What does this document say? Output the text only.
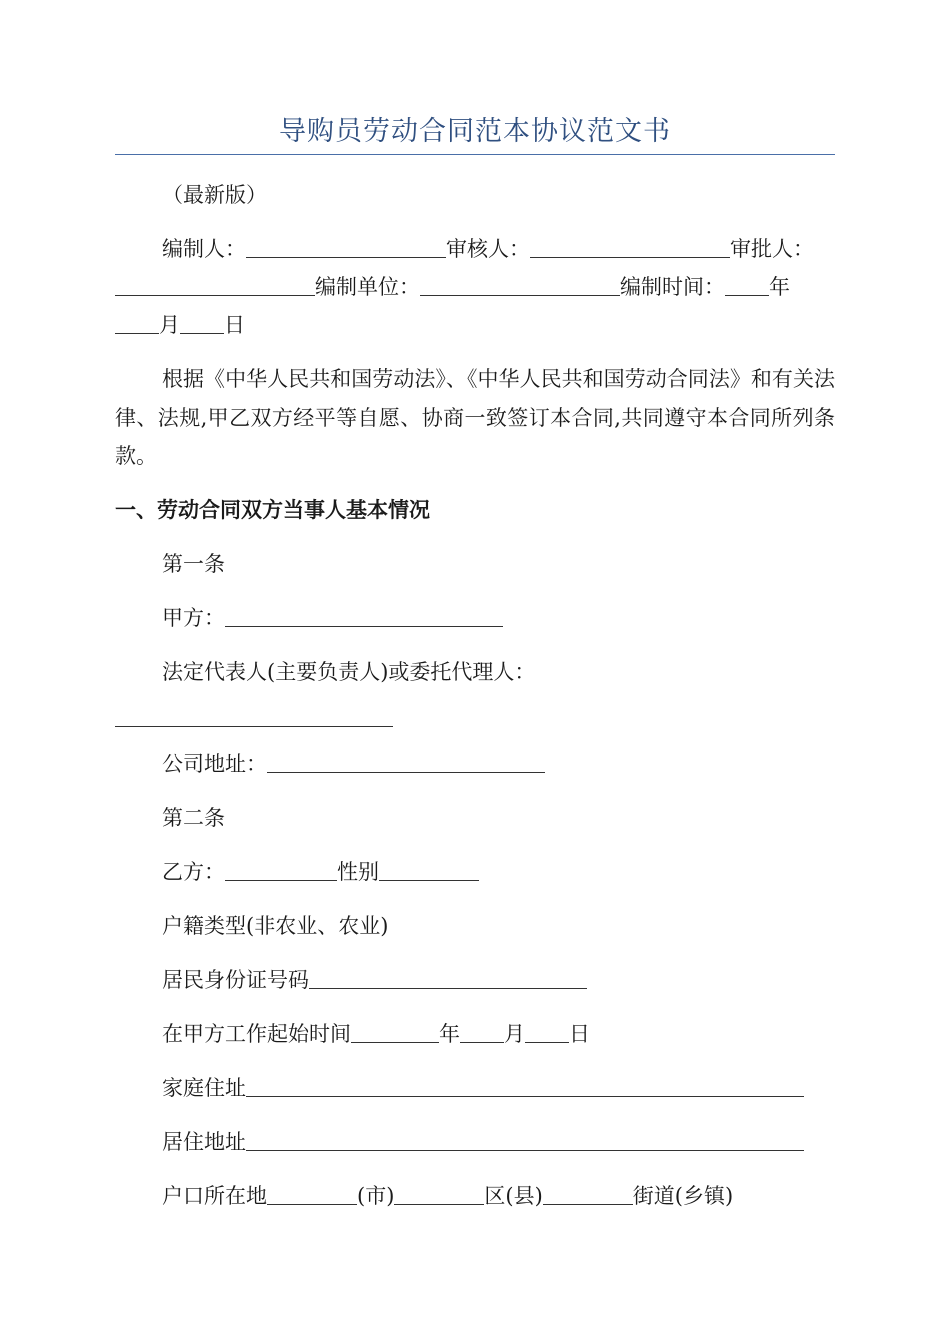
导购员劳动合同范本协议范文书
（最新版）
编制人：	审核人：	审批人：
编制单位：	编制时间： 年
月 日
根据《中华人民共和国劳动法》、《中华人民共和国劳动合同法》和有关法律、法规,甲乙双方经平等自愿、协商一致签订本合同,共同遵守本合同所列条款。
一、劳动合同双方当事人基本情况
第一条
甲方：
法定代表人(主要负责人)或委托代理人：
公司地址：
第二条
乙方：	性别
户籍类型(非农业、农业)
居民身份证号码
在甲方工作起始时间	年 月 日
家庭住址
居住地址
户口所在地	(市)	区(县)	街道(乡镇)
